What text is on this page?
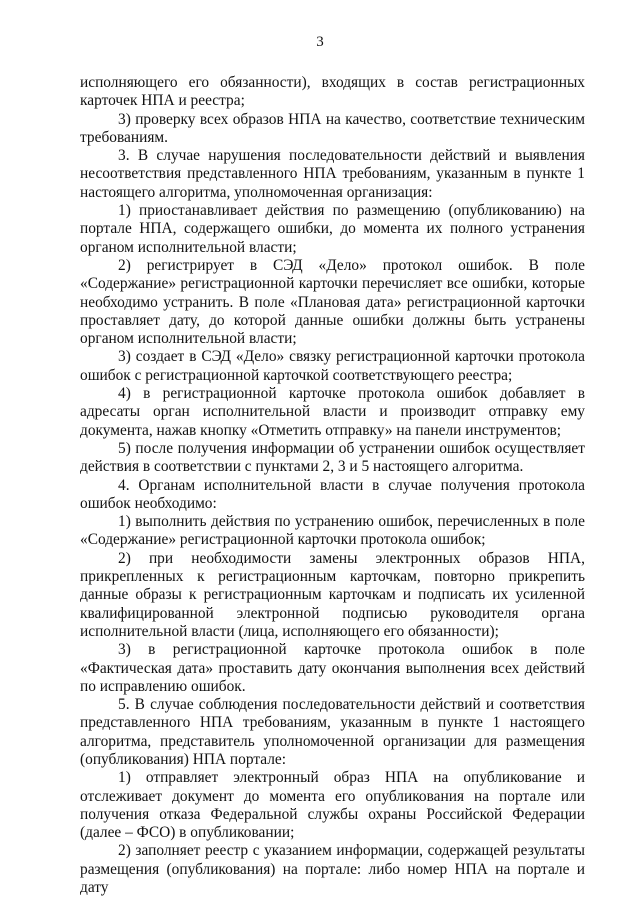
3

исполняющего его обязанности), входящих в состав регистрационных карточек НПА и реестра;

3) проверку всех образов НПА на качество, соответствие техническим требованиям.

3. В случае нарушения последовательности действий и выявления несоответствия представленного НПА требованиям, указанным в пункте 1 настоящего алгоритма, уполномоченная организация:

1) приостанавливает действия по размещению (опубликованию) на портале НПА, содержащего ошибки, до момента их полного устранения органом исполнительной власти;

2) регистрирует в СЭД «Дело» протокол ошибок. В поле «Содержание» регистрационной карточки перечисляет все ошибки, которые необходимо устранить. В поле «Плановая дата» регистрационной карточки проставляет дату, до которой данные ошибки должны быть устранены органом исполнительной власти;

3) создает в СЭД «Дело» связку регистрационной карточки протокола ошибок с регистрационной карточкой соответствующего реестра;

4) в регистрационной карточке протокола ошибок добавляет в адресаты орган исполнительной власти и производит отправку ему документа, нажав кнопку «Отметить отправку» на панели инструментов;

5) после получения информации об устранении ошибок осуществляет действия в соответствии с пунктами 2, 3 и 5 настоящего алгоритма.

4. Органам исполнительной власти в случае получения протокола ошибок необходимо:

1) выполнить действия по устранению ошибок, перечисленных в поле «Содержание» регистрационной карточки протокола ошибок;

2) при необходимости замены электронных образов НПА, прикрепленных к регистрационным карточкам, повторно прикрепить данные образы к регистрационным карточкам и подписать их усиленной квалифицированной электронной подписью руководителя органа исполнительной власти (лица, исполняющего его обязанности);

3) в регистрационной карточке протокола ошибок в поле «Фактическая дата» проставить дату окончания выполнения всех действий по исправлению ошибок.

5. В случае соблюдения последовательности действий и соответствия представленного НПА требованиям, указанным в пункте 1 настоящего алгоритма, представитель уполномоченной организации для размещения (опубликования) НПА портале:

1) отправляет электронный образ НПА на опубликование и отслеживает документ до момента его опубликования на портале или получения отказа Федеральной службы охраны Российской Федерации (далее – ФСО) в опубликовании;

2) заполняет реестр с указанием информации, содержащей результаты размещения (опубликования) на портале: либо номер НПА на портале и дату
